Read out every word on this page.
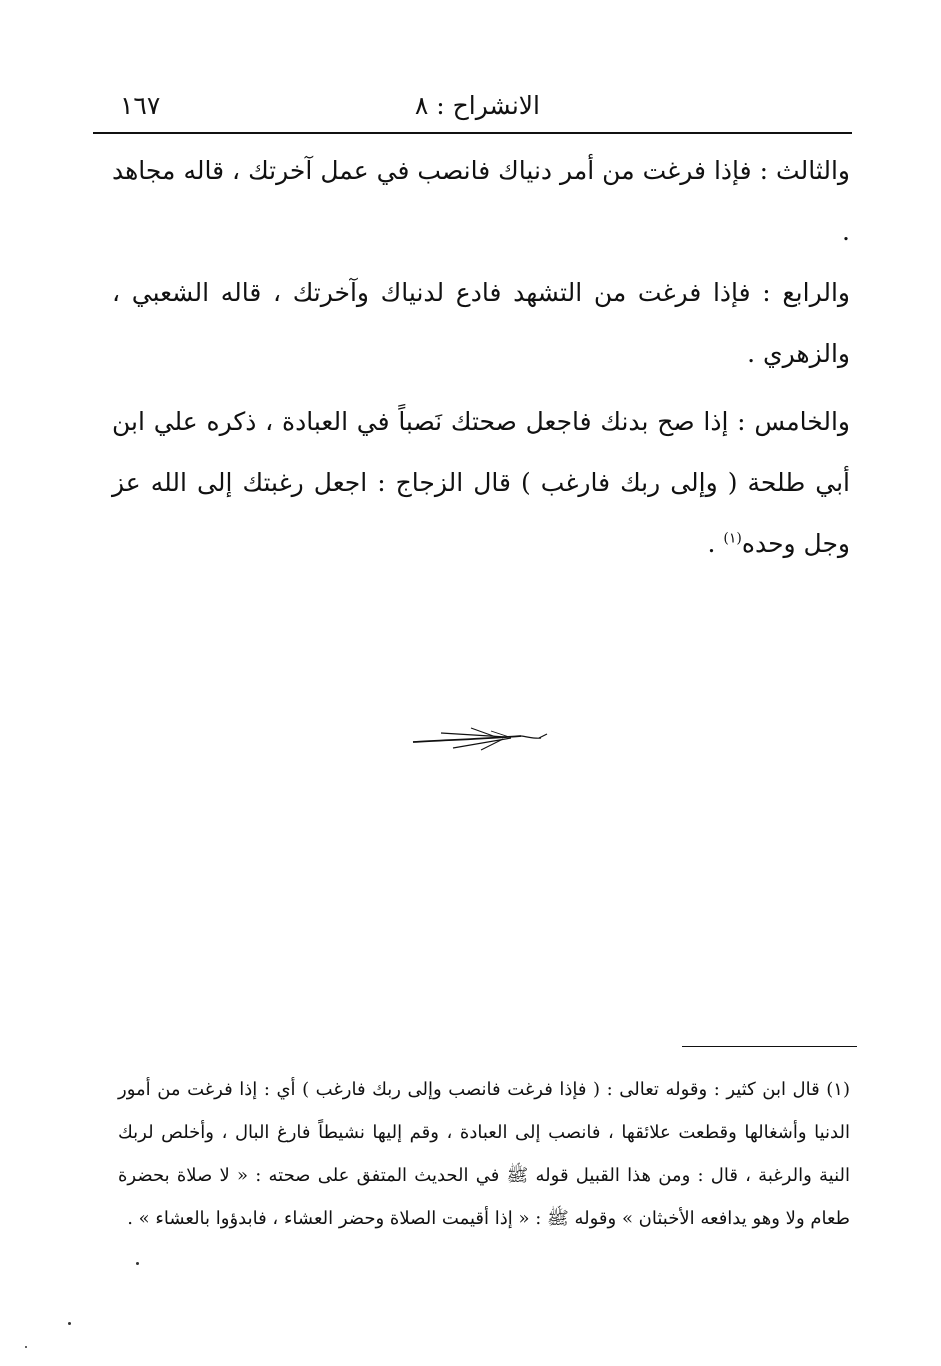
الانشراح : ٨
١٦٧

والثالث : فإذا فرغت من أمر دنياك فانصب في عمل آخرتك ، قاله مجاهد .

والرابع : فإذا فرغت من التشهد فادع لدنياك وآخرتك ، قاله الشعبي ، والزهري .

والخامس : إذا صح بدنك فاجعل صحتك نَصباً في العبادة ، ذكره علي ابن أبي طلحة ( وإلى ربك فارغب ) قال الزجاج : اجعل رغبتك إلى الله عز وجل وحده$^{(١)}$ .

(١) قال ابن كثير : وقوله تعالى : ( فإذا فرغت فانصب وإلى ربك فارغب ) أي : إذا فرغت من أمور الدنيا وأشغالها وقطعت علائقها ، فانصب إلى العبادة ، وقم إليها نشيطاً فارغ البال ، وأخلص لربك النية والرغبة ، قال : ومن هذا القبيل قوله ﷺ في الحديث المتفق على صحته : « لا صلاة بحضرة طعام ولا وهو يدافعه الأخبثان » وقوله ﷺ : « إذا أقيمت الصلاة وحضر العشاء ، فابدؤوا بالعشاء » .
